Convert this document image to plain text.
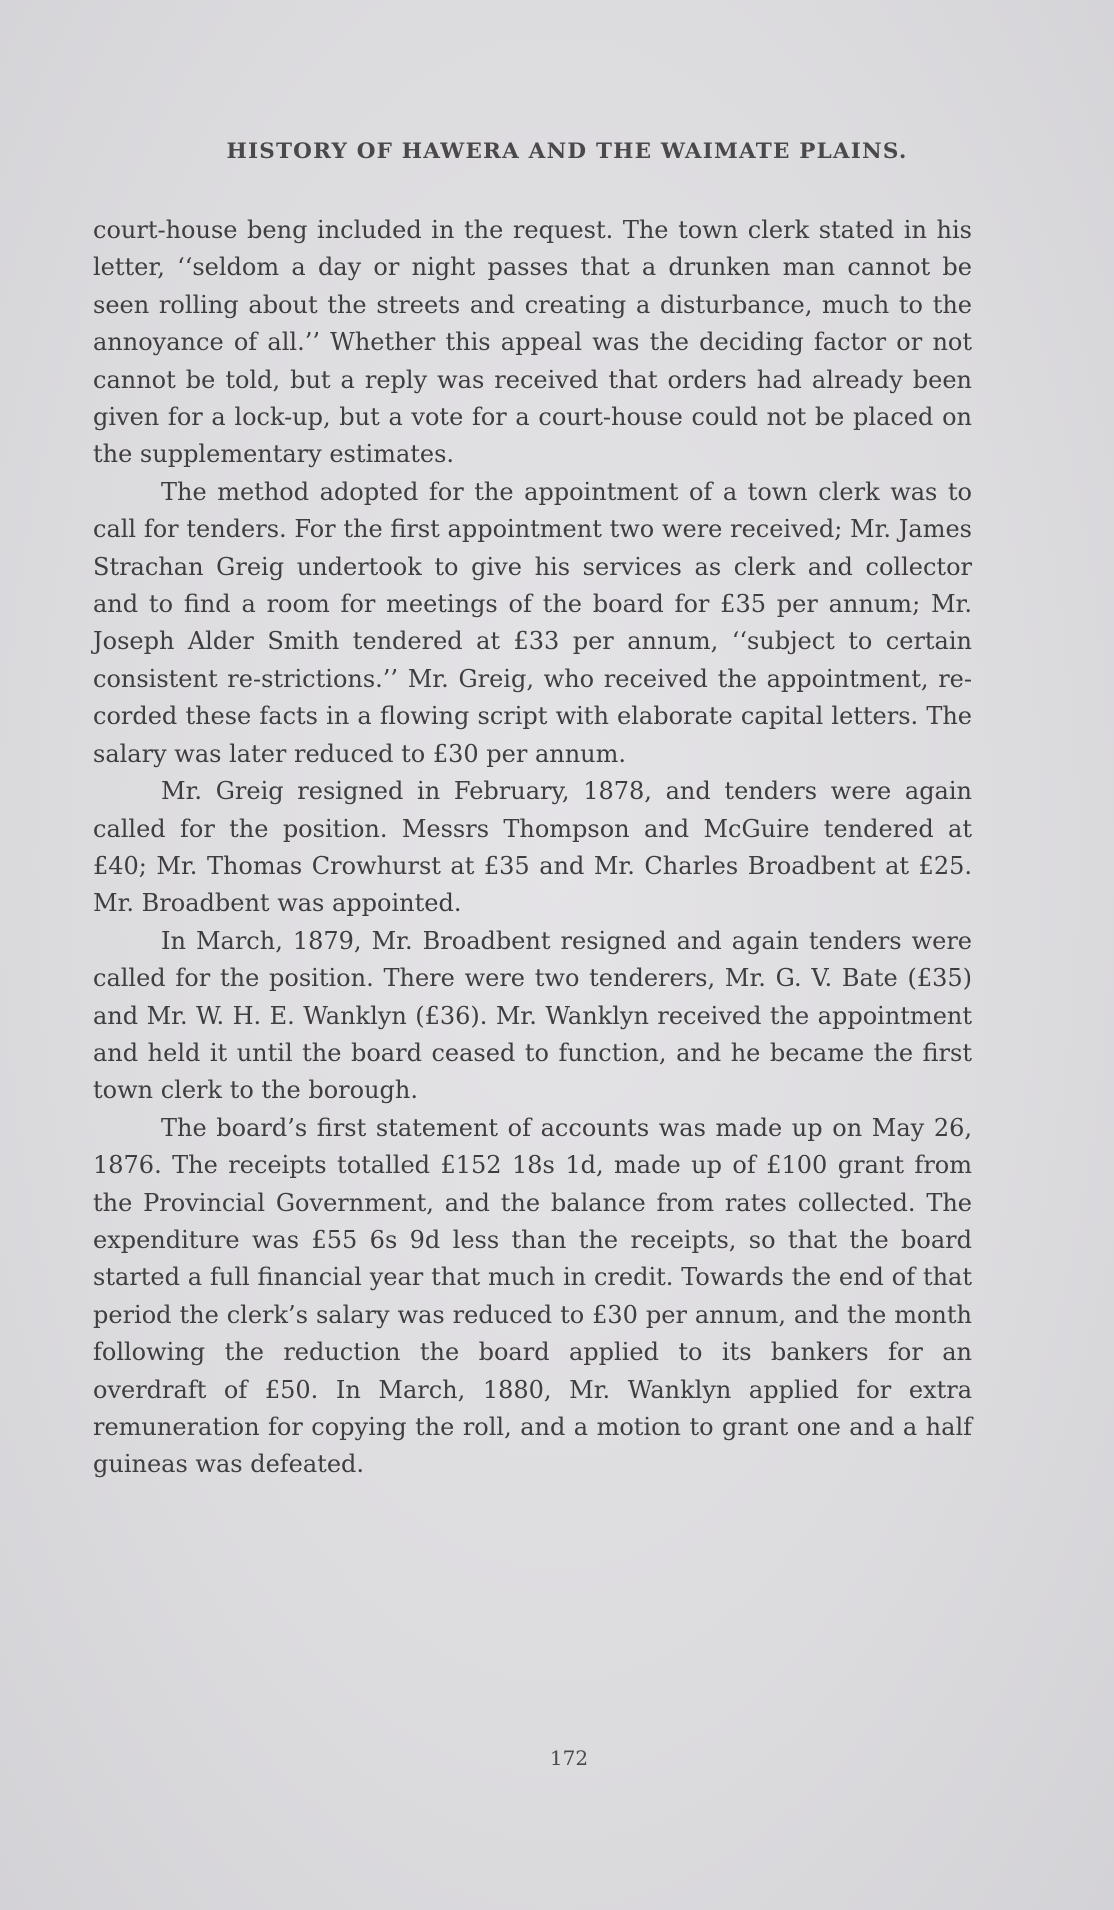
HISTORY OF HAWERA AND THE WAIMATE PLAINS.

court-house beng included in the request. The town clerk stated in his letter, ‘‘seldom a day or night passes that a drunken man cannot be seen rolling about the streets and creating a disturbance, much to the annoyance of all.’’ Whether this appeal was the deciding factor or not cannot be told, but a reply was received that orders had already been given for a lock-up, but a vote for a court-house could not be placed on the supplementary estimates.

The method adopted for the appointment of a town clerk was to call for tenders. For the first appointment two were received; Mr. James Strachan Greig undertook to give his services as clerk and collector and to find a room for meetings of the board for £35 per annum; Mr. Joseph Alder Smith tendered at £33 per annum, ‘‘subject to certain consistent re-strictions.’’ Mr. Greig, who received the appointment, re-corded these facts in a flowing script with elaborate capital letters. The salary was later reduced to £30 per annum.

Mr. Greig resigned in February, 1878, and tenders were again called for the position. Messrs Thompson and McGuire tendered at £40; Mr. Thomas Crowhurst at £35 and Mr. Charles Broadbent at £25. Mr. Broadbent was appointed.

In March, 1879, Mr. Broadbent resigned and again tenders were called for the position. There were two tenderers, Mr. G. V. Bate (£35) and Mr. W. H. E. Wanklyn (£36). Mr. Wanklyn received the appointment and held it until the board ceased to function, and he became the first town clerk to the borough.

The board’s first statement of accounts was made up on May 26, 1876. The receipts totalled £152 18s 1d, made up of £100 grant from the Provincial Government, and the balance from rates collected. The expenditure was £55 6s 9d less than the receipts, so that the board started a full financial year that much in credit. Towards the end of that period the clerk’s salary was reduced to £30 per annum, and the month following the reduction the board applied to its bankers for an overdraft of £50. In March, 1880, Mr. Wanklyn applied for extra remuneration for copying the roll, and a motion to grant one and a half guineas was defeated.

172
